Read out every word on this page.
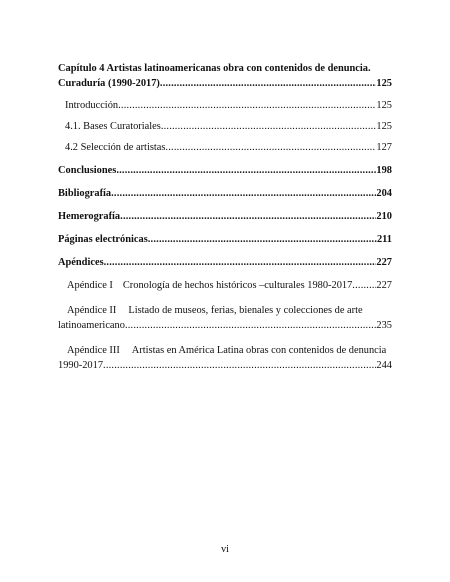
Capítulo 4 Artistas latinoamericanas obra con contenidos de denuncia.
Curaduría (1990-2017) .....	125
Introducción .....	125
4.1. Bases Curatoriales .....	125
4.2 Selección de artistas .....	127
Conclusiones .....	198
Bibliografía .....	204
Hemerografía .....	210
Páginas electrónicas .....	211
Apéndices .....	227
Apéndice I Cronología de hechos históricos –culturales 1980-2017 ..... 227
Apéndice II Listado de museos, ferias, bienales y colecciones de arte
latinoamericano .....	235
Apéndice III Artistas en América Latina obras con contenidos de denuncia
1990-2017 .....	244
vi
